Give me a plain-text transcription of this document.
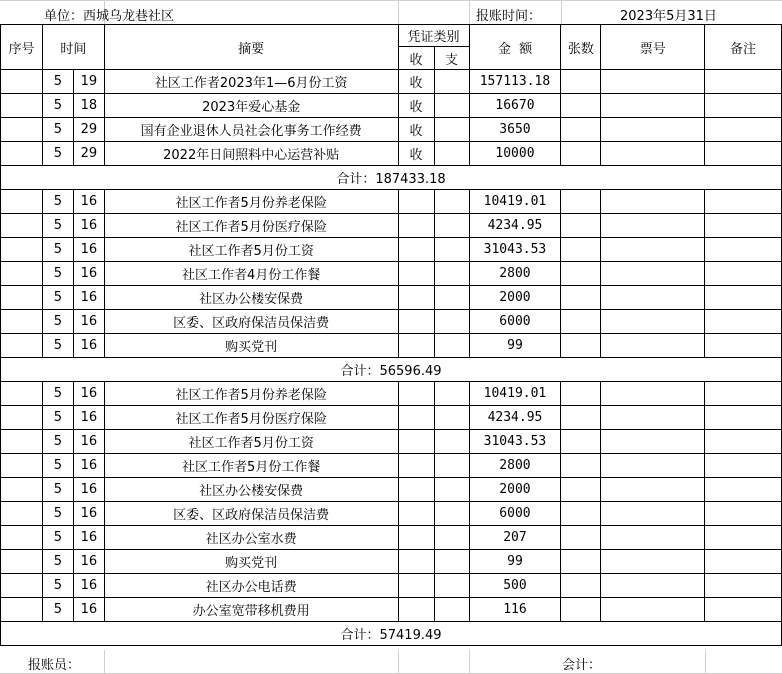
单位：西城乌龙巷社区	报账时间：	2023年5月31日
序号	时间		摘要	凭证类别		金  额	张数	票号	备注
				收	支				
	5	19	社区工作者2023年1—6月份工资	收		157113.18			
	5	18	2023年爱心基金	收		16670			
	5	29	国有企业退休人员社会化事务工作经费	收		3650			
	5	29	2022年日间照料中心运营补贴	收		10000			
合计：187433.18									
	5	16	社区工作者5月份养老保险			10419.01			
	5	16	社区工作者5月份医疗保险			4234.95			
	5	16	社区工作者5月份工资			31043.53			
	5	16	社区工作者4月份工作餐			2800			
	5	16	社区办公楼安保费			2000			
	5	16	区委、区政府保洁员保洁费			6000			
	5	16	购买党刊			99			
合计：56596.49									
	5	16	社区工作者5月份养老保险			10419.01			
	5	16	社区工作者5月份医疗保险			4234.95			
	5	16	社区工作者5月份工资			31043.53			
	5	16	社区工作者5月份工作餐			2800			
	5	16	社区办公楼安保费			2000			
	5	16	区委、区政府保洁员保洁费			6000			
	5	16	社区办公室水费			207			
	5	16	购买党刊			99			
	5	16	社区办公电话费			500			
	5	16	办公室宽带移机费用			116			
合计：57419.49									
报账员：	会计：
